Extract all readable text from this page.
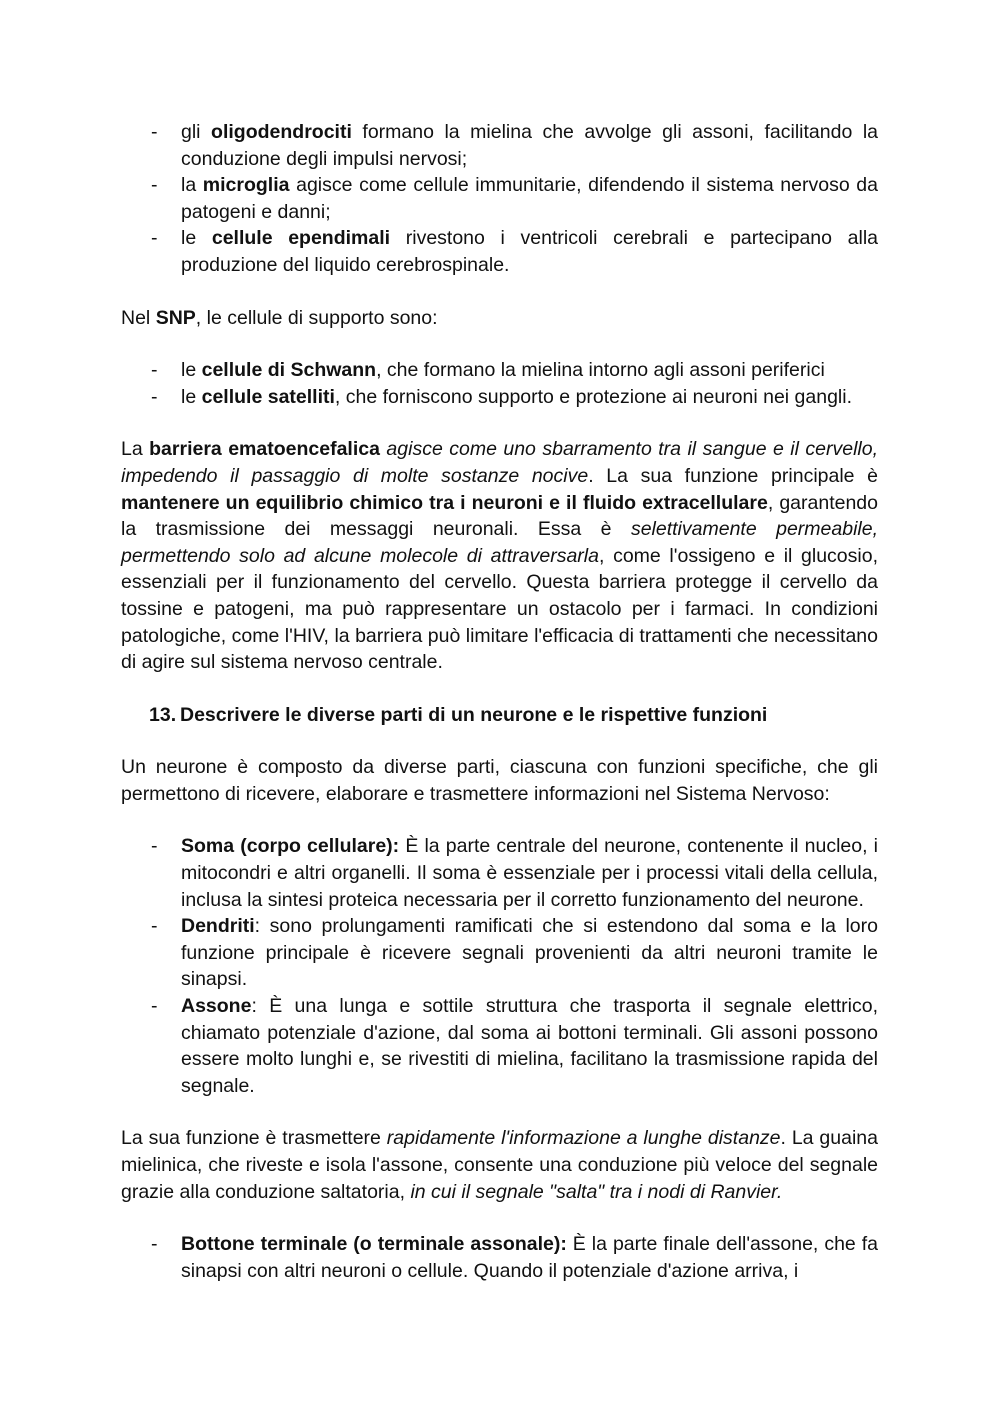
- gli oligodendrociti formano la mielina che avvolge gli assoni, facilitando la conduzione degli impulsi nervosi;
- la microglia agisce come cellule immunitarie, difendendo il sistema nervoso da patogeni e danni;
- le cellule ependimali rivestono i ventricoli cerebrali e partecipano alla produzione del liquido cerebrospinale.

Nel SNP, le cellule di supporto sono:

- le cellule di Schwann, che formano la mielina intorno agli assoni periferici
- le cellule satelliti, che forniscono supporto e protezione ai neuroni nei gangli.

La barriera ematoencefalica agisce come uno sbarramento tra il sangue e il cervello, impedendo il passaggio di molte sostanze nocive. La sua funzione principale è mantenere un equilibrio chimico tra i neuroni e il fluido extracellulare, garantendo la trasmissione dei messaggi neuronali. Essa è selettivamente permeabile, permettendo solo ad alcune molecole di attraversarla, come l'ossigeno e il glucosio, essenziali per il funzionamento del cervello. Questa barriera protegge il cervello da tossine e patogeni, ma può rappresentare un ostacolo per i farmaci. In condizioni patologiche, come l'HIV, la barriera può limitare l'efficacia di trattamenti che necessitano di agire sul sistema nervoso centrale.

13. Descrivere le diverse parti di un neurone e le rispettive funzioni

Un neurone è composto da diverse parti, ciascuna con funzioni specifiche, che gli permettono di ricevere, elaborare e trasmettere informazioni nel Sistema Nervoso:

- Soma (corpo cellulare): È la parte centrale del neurone, contenente il nucleo, i mitocondri e altri organelli. Il soma è essenziale per i processi vitali della cellula, inclusa la sintesi proteica necessaria per il corretto funzionamento del neurone.
- Dendriti: sono prolungamenti ramificati che si estendono dal soma e la loro funzione principale è ricevere segnali provenienti da altri neuroni tramite le sinapsi.
- Assone: È una lunga e sottile struttura che trasporta il segnale elettrico, chiamato potenziale d'azione, dal soma ai bottoni terminali. Gli assoni possono essere molto lunghi e, se rivestiti di mielina, facilitano la trasmissione rapida del segnale.

La sua funzione è trasmettere rapidamente l'informazione a lunghe distanze. La guaina mielinica, che riveste e isola l'assone, consente una conduzione più veloce del segnale grazie alla conduzione saltatoria, in cui il segnale "salta" tra i nodi di Ranvier.

- Bottone terminale (o terminale assonale): È la parte finale dell'assone, che fa sinapsi con altri neuroni o cellule. Quando il potenziale d'azione arriva, i
